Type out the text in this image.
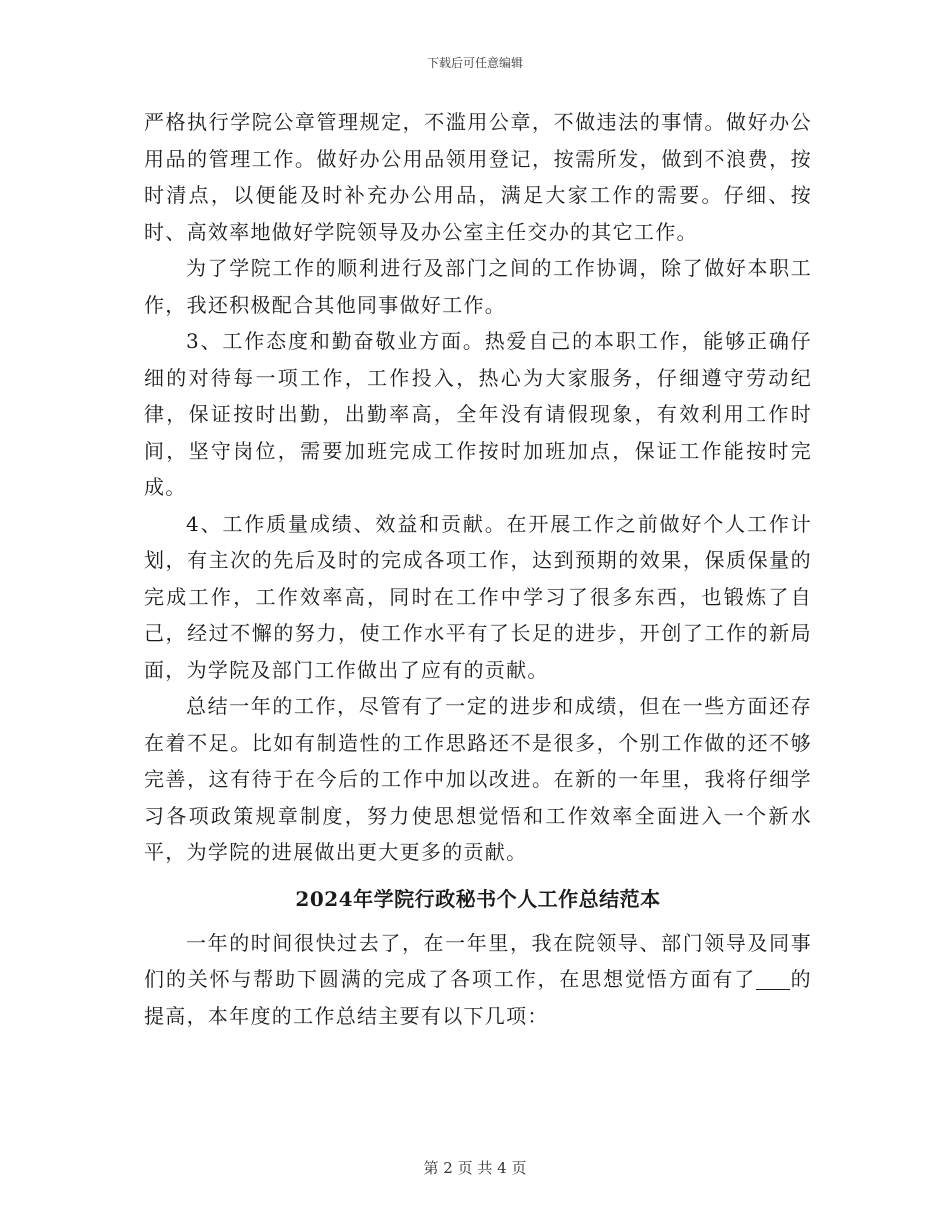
下载后可任意编辑

严格执行学院公章管理规定，不滥用公章，不做违法的事情。做好办公用品的管理工作。做好办公用品领用登记，按需所发，做到不浪费，按时清点，以便能及时补充办公用品，满足大家工作的需要。仔细、按时、高效率地做好学院领导及办公室主任交办的其它工作。

为了学院工作的顺利进行及部门之间的工作协调，除了做好本职工作，我还积极配合其他同事做好工作。

3、工作态度和勤奋敬业方面。热爱自己的本职工作，能够正确仔细的对待每一项工作，工作投入，热心为大家服务，仔细遵守劳动纪律，保证按时出勤，出勤率高，全年没有请假现象，有效利用工作时间，坚守岗位，需要加班完成工作按时加班加点，保证工作能按时完成。

4、工作质量成绩、效益和贡献。在开展工作之前做好个人工作计划，有主次的先后及时的完成各项工作，达到预期的效果，保质保量的完成工作，工作效率高，同时在工作中学习了很多东西，也锻炼了自己，经过不懈的努力，使工作水平有了长足的进步，开创了工作的新局面，为学院及部门工作做出了应有的贡献。

总结一年的工作，尽管有了一定的进步和成绩，但在一些方面还存在着不足。比如有制造性的工作思路还不是很多，个别工作做的还不够完善，这有待于在今后的工作中加以改进。在新的一年里，我将仔细学习各项政策规章制度，努力使思想觉悟和工作效率全面进入一个新水平，为学院的进展做出更大更多的贡献。

2024年学院行政秘书个人工作总结范本

一年的时间很快过去了，在一年里，我在院领导、部门领导及同事们的关怀与帮助下圆满的完成了各项工作，在思想觉悟方面有了 的提高，本年度的工作总结主要有以下几项：

第 2 页 共 4 页
